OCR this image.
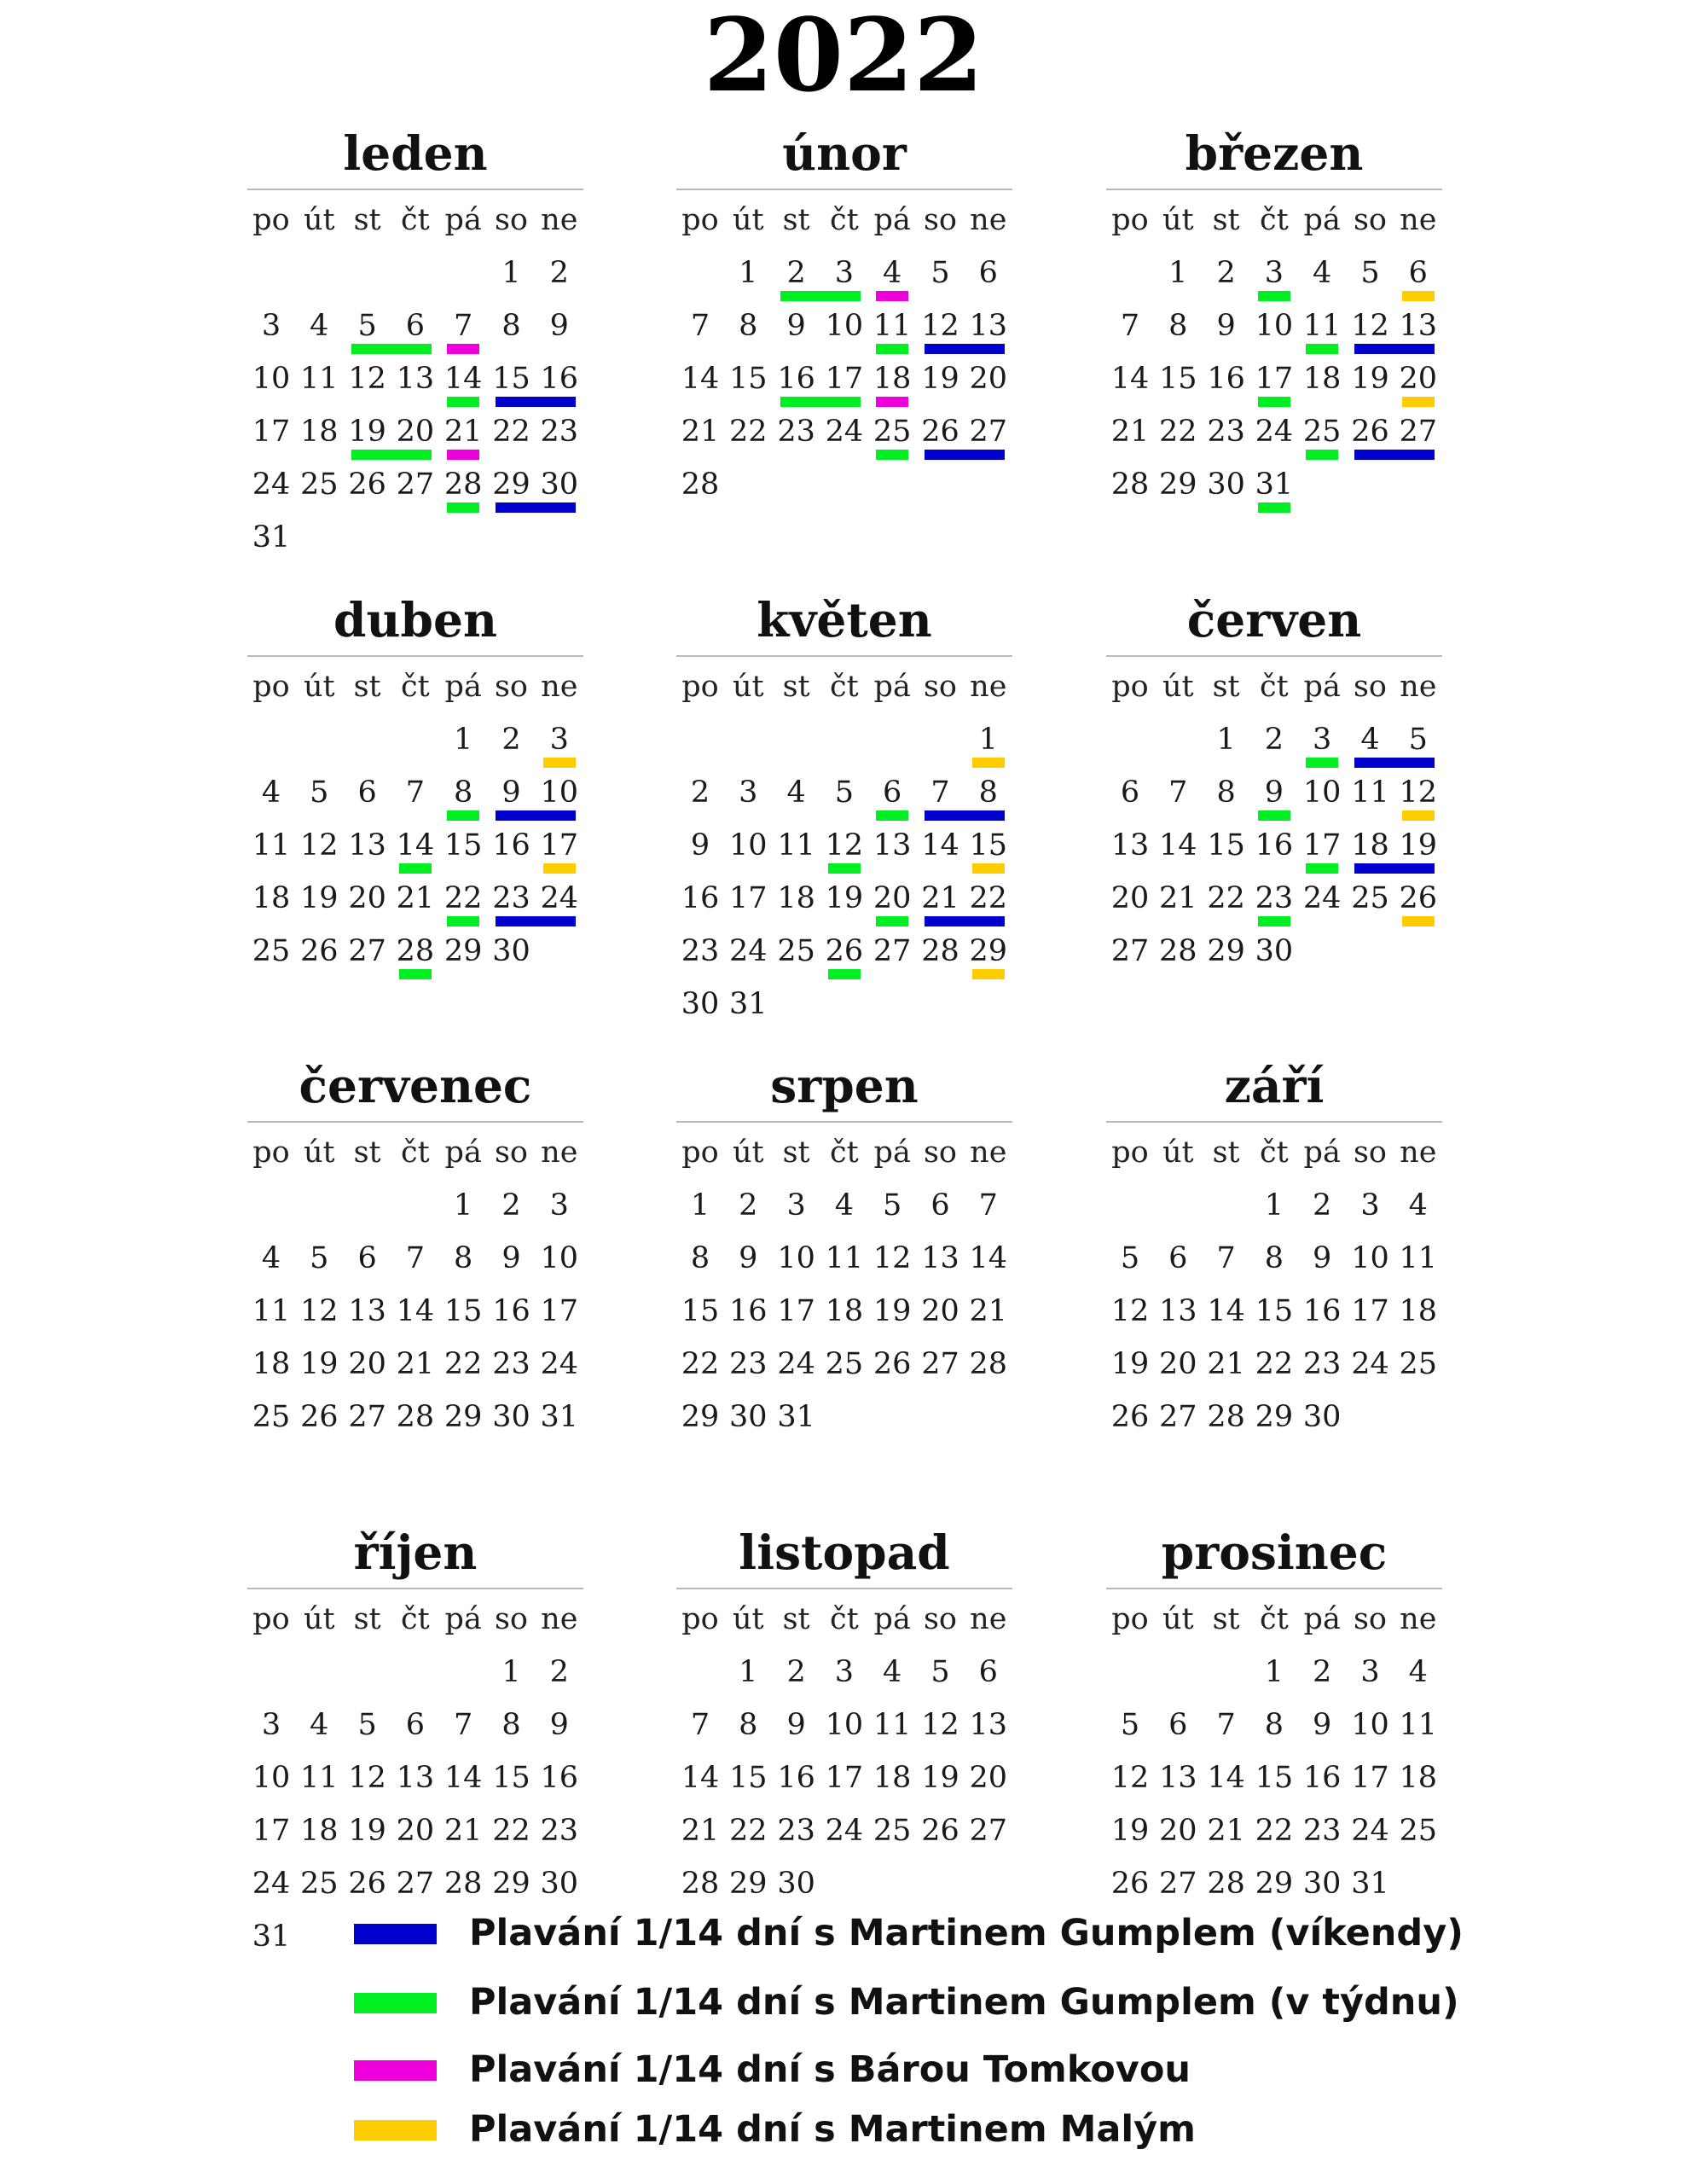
2022
leden
po út st čt pá so ne
1 2
3 4 5 6 7 8 9
10 11 12 13 14 15 16
17 18 19 20 21 22 23
24 25 26 27 28 29 30
31
únor
po út st čt pá so ne
1 2 3 4 5 6
7 8 9 10 11 12 13
14 15 16 17 18 19 20
21 22 23 24 25 26 27
28
březen
po út st čt pá so ne
1 2 3 4 5 6
7 8 9 10 11 12 13
14 15 16 17 18 19 20
21 22 23 24 25 26 27
28 29 30 31
duben
po út st čt pá so ne
1 2 3
4 5 6 7 8 9 10
11 12 13 14 15 16 17
18 19 20 21 22 23 24
25 26 27 28 29 30
květen
po út st čt pá so ne
1
2 3 4 5 6 7 8
9 10 11 12 13 14 15
16 17 18 19 20 21 22
23 24 25 26 27 28 29
30 31
červen
po út st čt pá so ne
1 2 3 4 5
6 7 8 9 10 11 12
13 14 15 16 17 18 19
20 21 22 23 24 25 26
27 28 29 30
červenec
po út st čt pá so ne
1 2 3
4 5 6 7 8 9 10
11 12 13 14 15 16 17
18 19 20 21 22 23 24
25 26 27 28 29 30 31
srpen
po út st čt pá so ne
1 2 3 4 5 6 7
8 9 10 11 12 13 14
15 16 17 18 19 20 21
22 23 24 25 26 27 28
29 30 31
září
po út st čt pá so ne
1 2 3 4
5 6 7 8 9 10 11
12 13 14 15 16 17 18
19 20 21 22 23 24 25
26 27 28 29 30
říjen
po út st čt pá so ne
1 2
3 4 5 6 7 8 9
10 11 12 13 14 15 16
17 18 19 20 21 22 23
24 25 26 27 28 29 30
31
listopad
po út st čt pá so ne
1 2 3 4 5 6
7 8 9 10 11 12 13
14 15 16 17 18 19 20
21 22 23 24 25 26 27
28 29 30
prosinec
po út st čt pá so ne
1 2 3 4
5 6 7 8 9 10 11
12 13 14 15 16 17 18
19 20 21 22 23 24 25
26 27 28 29 30 31
Plavání 1/14 dní s Martinem Gumplem (víkendy)
Plavání 1/14 dní s Martinem Gumplem (v týdnu)
Plavání 1/14 dní s Bárou Tomkovou
Plavání 1/14 dní s Martinem Malým
